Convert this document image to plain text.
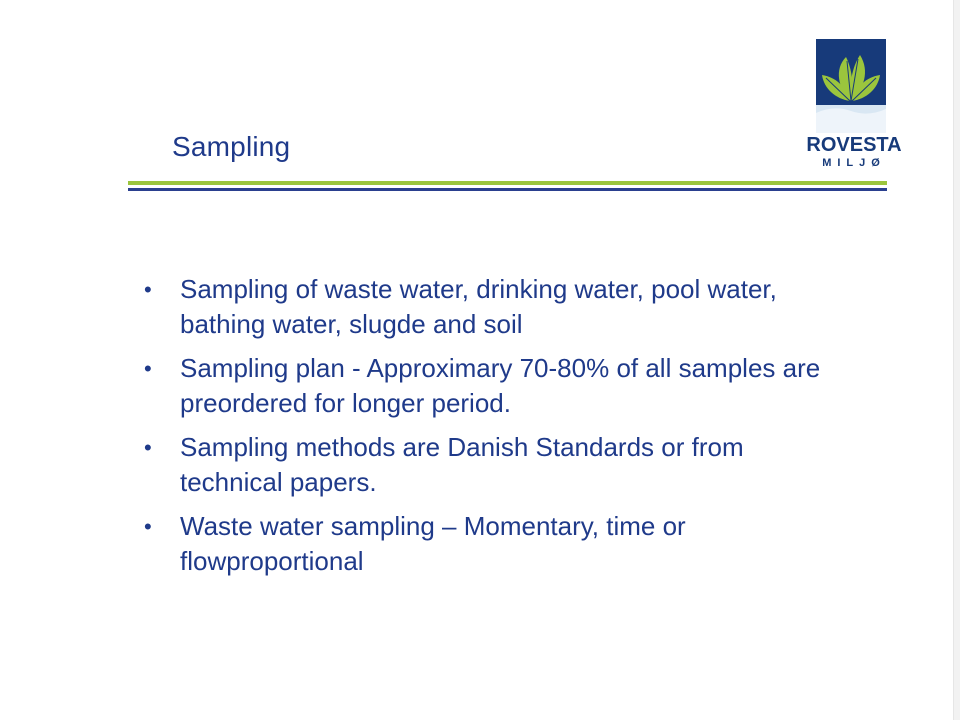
Sampling	ROVESTA
MILJØ
• Sampling of waste water, drinking water, pool water, bathing water, slugde and soil
• Sampling plan - Approximary 70-80% of all samples are preordered for longer period.
• Sampling methods are Danish Standards or from technical papers.
• Waste water sampling – Momentary, time or flowproportional
